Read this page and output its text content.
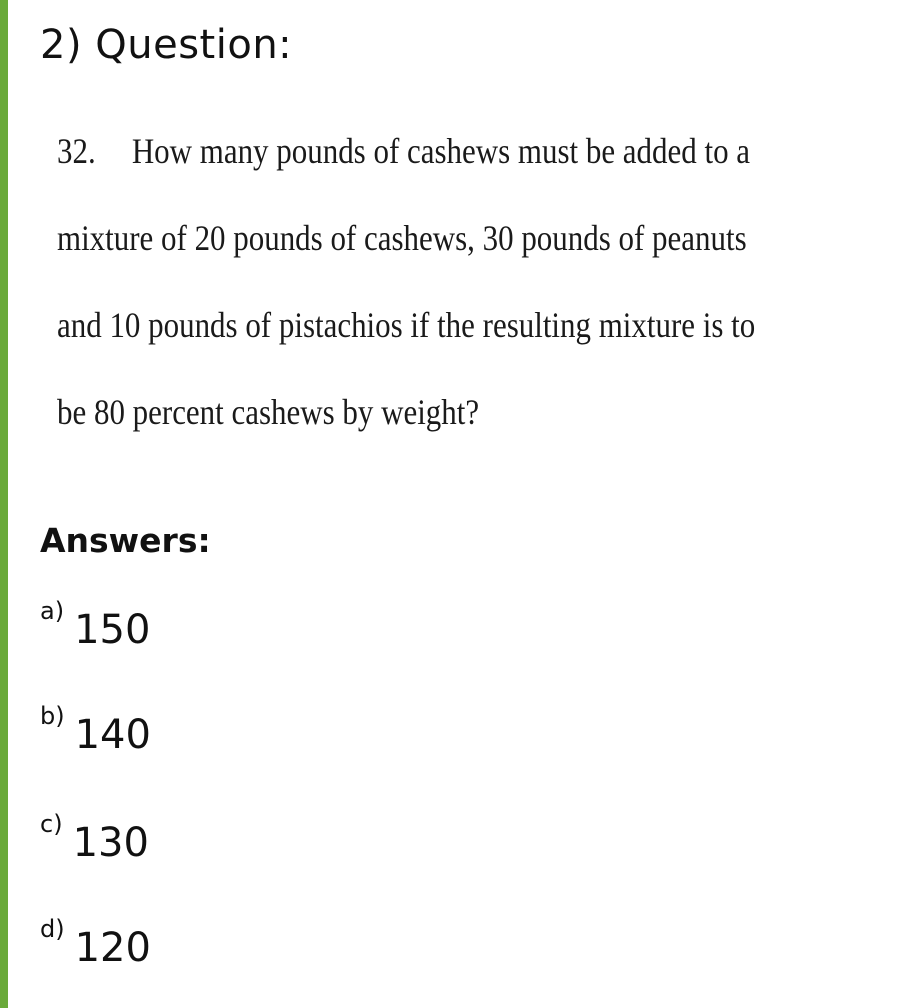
2) Question:
32. How many pounds of cashews must be added to a
mixture of 20 pounds of cashews, 30 pounds of peanuts
and 10 pounds of pistachios if the resulting mixture is to
be 80 percent cashews by weight?
Answers:
a) 150
b) 140
c) 130
d) 120
